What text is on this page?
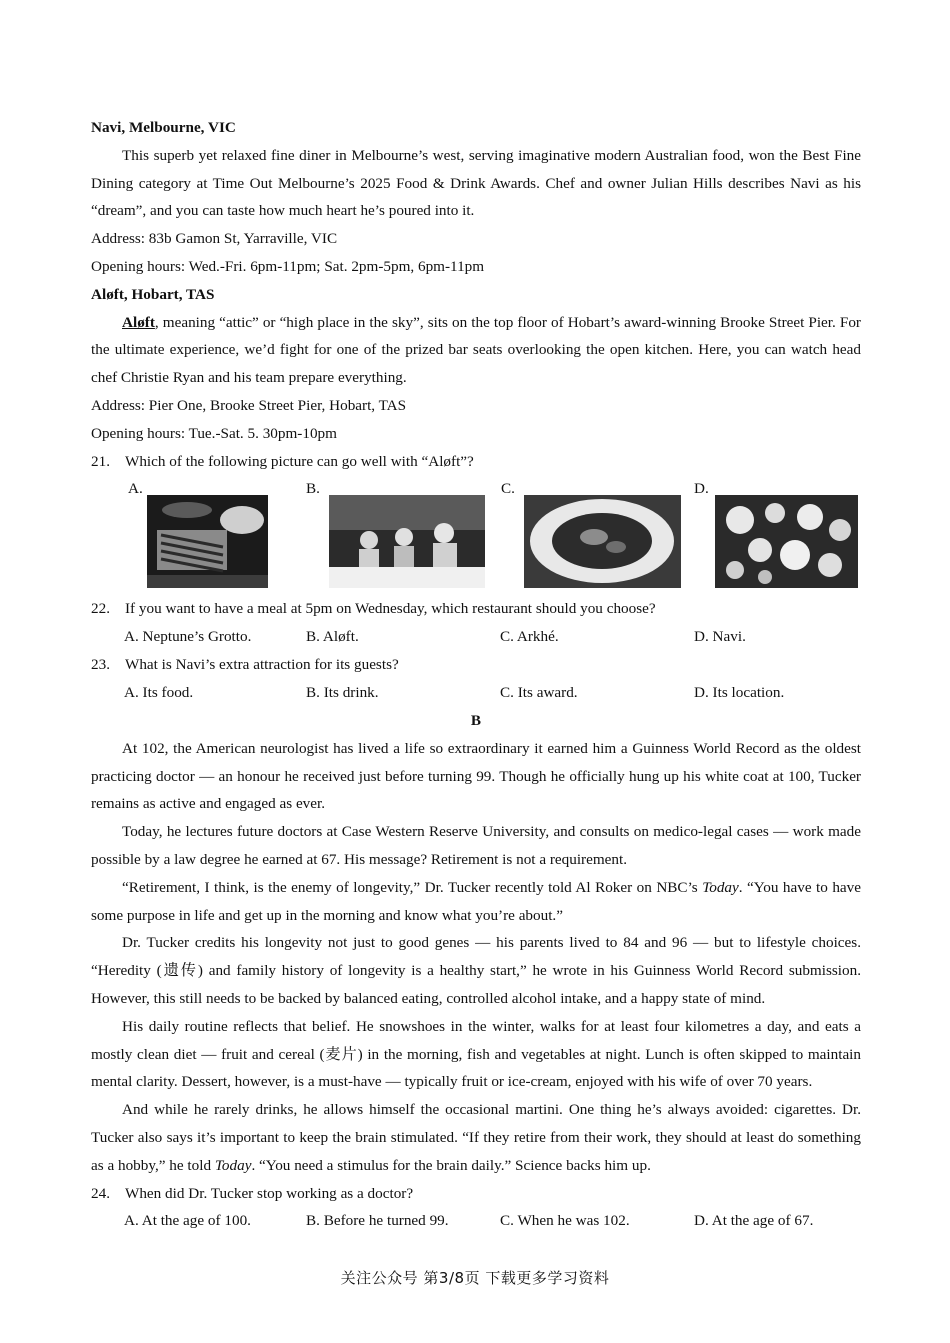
Navi, Melbourne, VIC

This superb yet relaxed fine diner in Melbourne’s west, serving imaginative modern Australian food, won the Best Fine Dining category at Time Out Melbourne’s 2025 Food & Drink Awards. Chef and owner Julian Hills describes Navi as his “dream”, and you can taste how much heart he’s poured into it.

Address: 83b Gamon St, Yarraville, VIC

Opening hours: Wed.-Fri. 6pm-11pm; Sat. 2pm-5pm, 6pm-11pm

Aløft, Hobart, TAS

Aløft, meaning “attic” or “high place in the sky”, sits on the top floor of Hobart’s award-winning Brooke Street Pier. For the ultimate experience, we’d fight for one of the prized bar seats overlooking the open kitchen. Here, you can watch head chef Christie Ryan and his team prepare everything.

Address: Pier One, Brooke Street Pier, Hobart, TAS

Opening hours: Tue.-Sat. 5. 30pm-10pm

21. Which of the following picture can go well with “Aløft”?

A.	B.	C.	D.

22. If you want to have a meal at 5pm on Wednesday, which restaurant should you choose?

A. Neptune’s Grotto.	B. Aløft.	C. Arkhé.	D. Navi.

23. What is Navi’s extra attraction for its guests?

A. Its food.	B. Its drink.	C. Its award.	D. Its location.

B

At 102, the American neurologist has lived a life so extraordinary it earned him a Guinness World Record as the oldest practicing doctor — an honour he received just before turning 99. Though he officially hung up his white coat at 100, Tucker remains as active and engaged as ever.

Today, he lectures future doctors at Case Western Reserve University, and consults on medico-legal cases — work made possible by a law degree he earned at 67. His message? Retirement is not a requirement.

“Retirement, I think, is the enemy of longevity,” Dr. Tucker recently told Al Roker on NBC’s Today. “You have to have some purpose in life and get up in the morning and know what you’re about.”

Dr. Tucker credits his longevity not just to good genes — his parents lived to 84 and 96 — but to lifestyle choices. “Heredity (遗传) and family history of longevity is a healthy start,” he wrote in his Guinness World Record submission. However, this still needs to be backed by balanced eating, controlled alcohol intake, and a happy state of mind.

His daily routine reflects that belief. He snowshoes in the winter, walks for at least four kilometres a day, and eats a mostly clean diet — fruit and cereal (麦片) in the morning, fish and vegetables at night. Lunch is often skipped to maintain mental clarity. Dessert, however, is a must-have — typically fruit or ice-cream, enjoyed with his wife of over 70 years.

And while he rarely drinks, he allows himself the occasional martini. One thing he’s always avoided: cigarettes. Dr. Tucker also says it’s important to keep the brain stimulated. “If they retire from their work, they should at least do something as a hobby,” he told Today. “You need a stimulus for the brain daily.” Science backs him up.

24. When did Dr. Tucker stop working as a doctor?

A. At the age of 100.	B. Before he turned 99.	C. When he was 102.	D. At the age of 67.
关注公众号 第3/8页 下载更多学习资料
